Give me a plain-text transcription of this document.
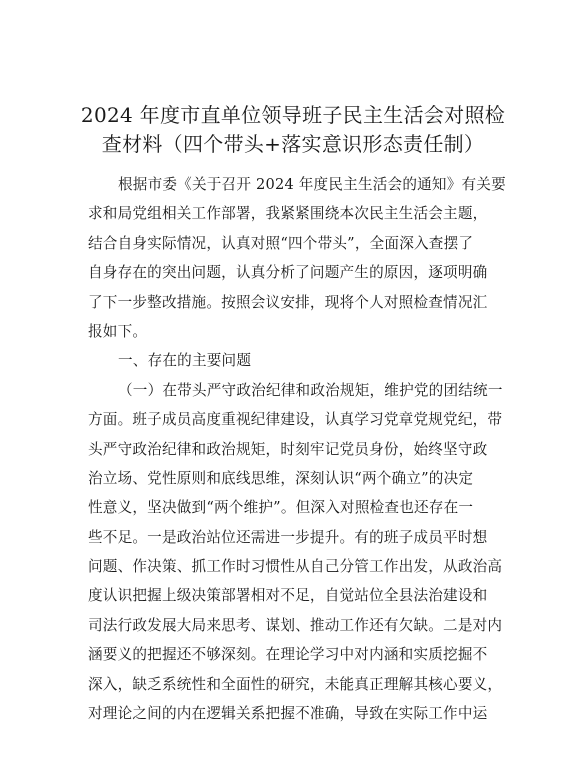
2024 年度市直单位领导班子民主生活会对照检
查材料（四个带头+落实意识形态责任制）
根据市委《关于召开 2024 年度民主生活会的通知》有关要
求和局党组相关工作部署，我紧紧围绕本次民主生活会主题，
结合自身实际情况，认真对照“四个带头”，全面深入查摆了
自身存在的突出问题，认真分析了问题产生的原因，逐项明确
了下一步整改措施。按照会议安排，现将个人对照检查情况汇
报如下。
一、存在的主要问题
（一）在带头严守政治纪律和政治规矩，维护党的团结统一
方面。班子成员高度重视纪律建设，认真学习党章党规党纪，带
头严守政治纪律和政治规矩，时刻牢记党员身份，始终坚守政
治立场、党性原则和底线思维，深刻认识“两个确立”的决定
性意义，坚决做到“两个维护”。但深入对照检查也还存在一
些不足。一是政治站位还需进一步提升。有的班子成员平时想
问题、作决策、抓工作时习惯性从自己分管工作出发，从政治高
度认识把握上级决策部署相对不足，自觉站位全县法治建设和
司法行政发展大局来思考、谋划、推动工作还有欠缺。二是对内
涵要义的把握还不够深刻。在理论学习中对内涵和实质挖掘不
深入，缺乏系统性和全面性的研究，未能真正理解其核心要义，
对理论之间的内在逻辑关系把握不准确，导致在实际工作中运
